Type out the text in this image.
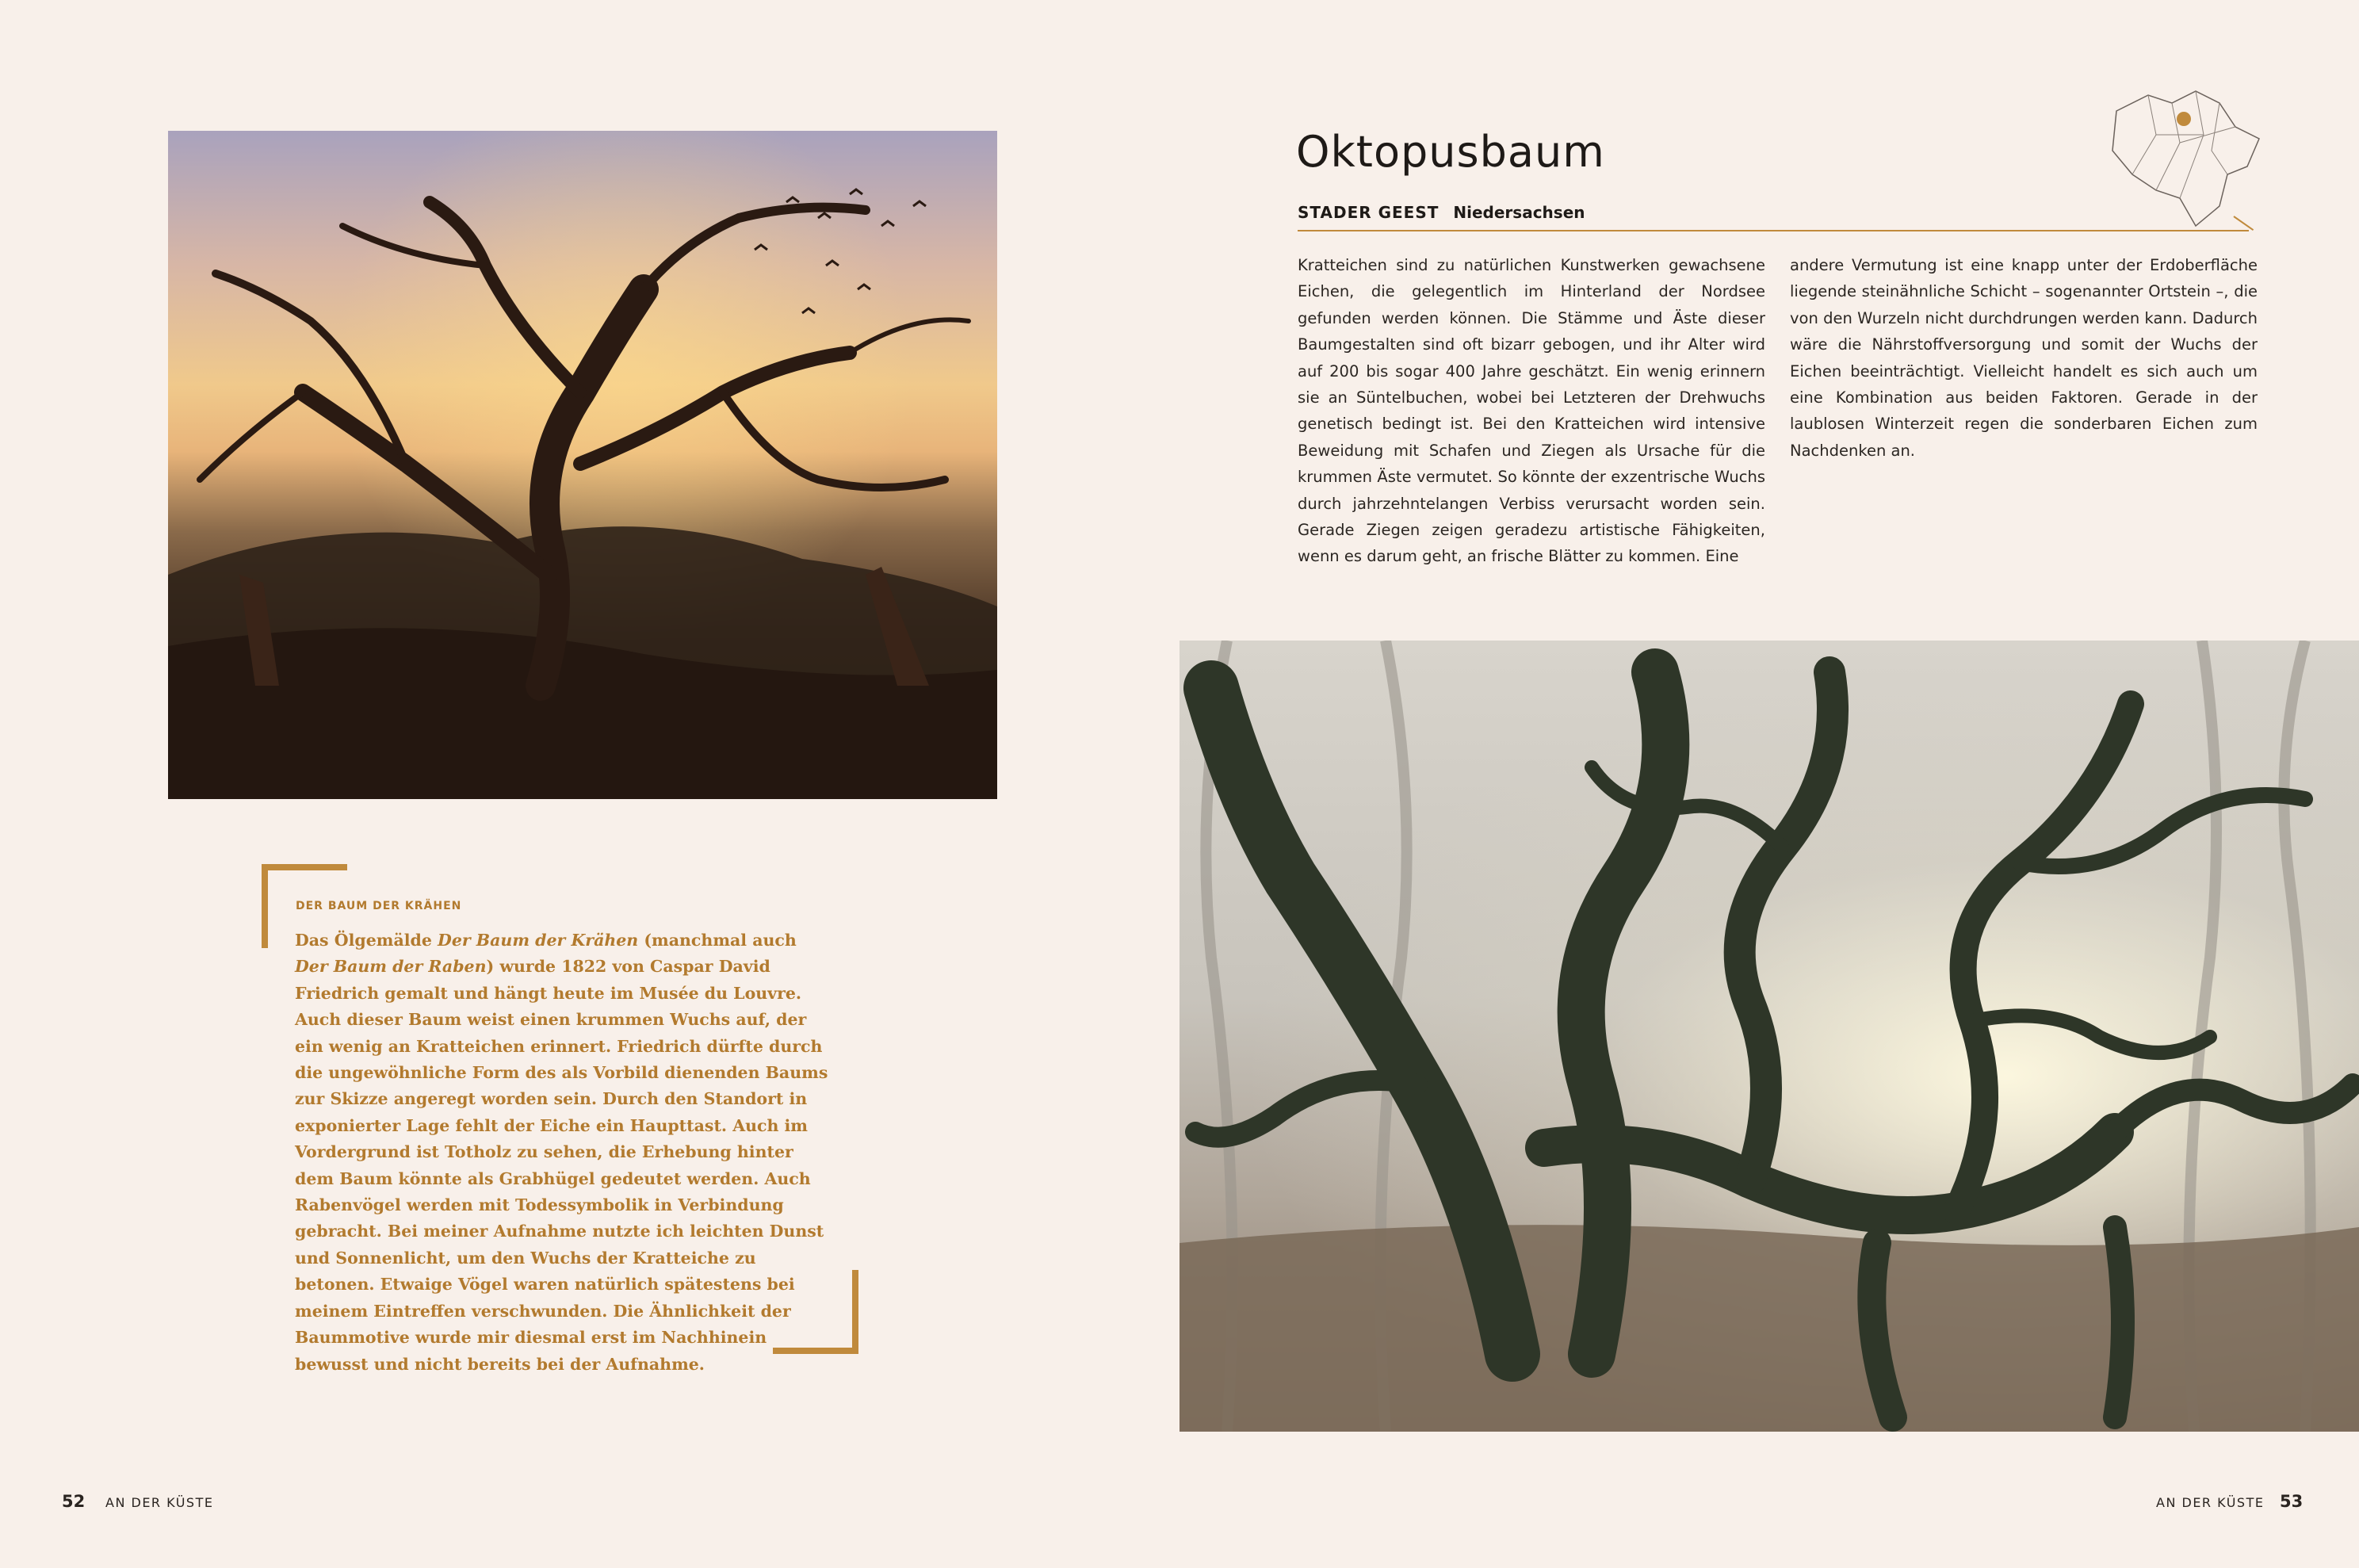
DER BAUM DER KRÄHEN
Das Ölgemälde Der Baum der Krähen (manchmal auch Der Baum der Raben) wurde 1822 von Caspar David Friedrich gemalt und hängt heute im Musée du Louvre. Auch dieser Baum weist einen krummen Wuchs auf, der ein wenig an Kratteichen erinnert. Friedrich dürfte durch die ungewöhnliche Form des als Vorbild dienenden Baums zur Skizze angeregt worden sein. Durch den Standort in exponierter Lage fehlt der Eiche ein Haupttast. Auch im Vordergrund ist Totholz zu sehen, die Erhebung hinter dem Baum könnte als Grabhügel gedeutet werden. Auch Rabenvögel werden mit Todessymbolik in Verbindung gebracht. Bei meiner Aufnahme nutzte ich leichten Dunst und Sonnenlicht, um den Wuchs der Kratteiche zu betonen. Etwaige Vögel waren natürlich spätestens bei meinem Eintreffen verschwunden. Die Ähnlichkeit der Baummotive wurde mir diesmal erst im Nachhinein bewusst und nicht bereits bei der Aufnahme.
Oktopusbaum
STADER GEEST Niedersachsen
Kratteichen sind zu natürlichen Kunstwerken gewachsene Eichen, die gelegentlich im Hinterland der Nordsee gefunden werden können. Die Stämme und Äste dieser Baumgestalten sind oft bizarr gebogen, und ihr Alter wird auf 200 bis sogar 400 Jahre geschätzt. Ein wenig erinnern sie an Süntelbuchen, wobei bei Letzteren der Drehwuchs genetisch bedingt ist. Bei den Kratteichen wird intensive Beweidung mit Schafen und Ziegen als Ursache für die krummen Äste vermutet. So könnte der exzentrische Wuchs durch jahrzehntelangen Verbiss verursacht worden sein. Gerade Ziegen zeigen geradezu artistische Fähigkeiten, wenn es darum geht, an frische Blätter zu kommen. Eine
andere Vermutung ist eine knapp unter der Erdoberfläche liegende steinähnliche Schicht – sogenannter Ortstein –, die von den Wurzeln nicht durchdrungen werden kann. Dadurch wäre die Nährstoffversorgung und somit der Wuchs der Eichen beeinträchtigt. Vielleicht handelt es sich auch um eine Kombination aus beiden Faktoren. Gerade in der laublosen Winterzeit regen die sonderbaren Eichen zum Nachdenken an.
52 AN DER KÜSTE	AN DER KÜSTE 53
